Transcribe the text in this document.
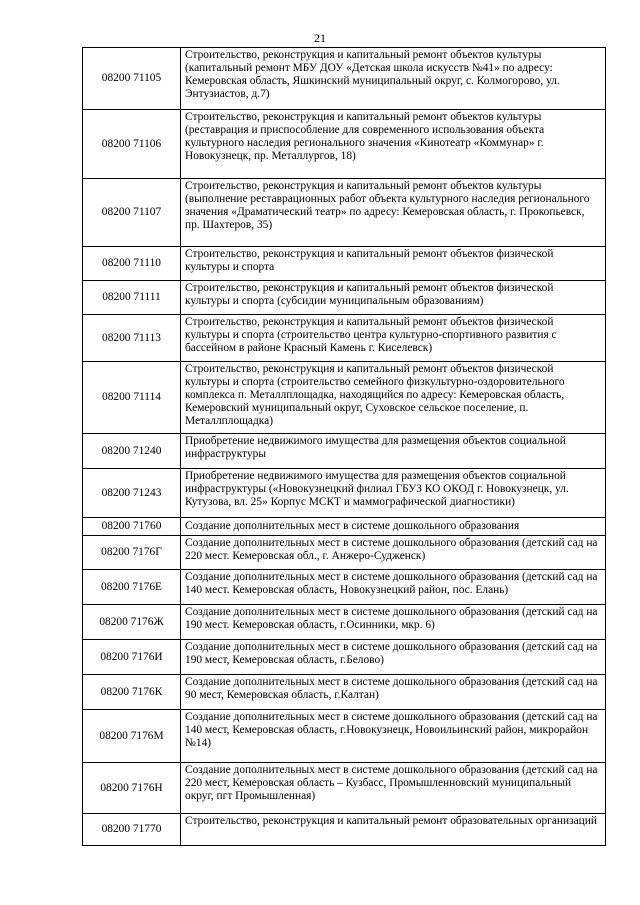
21
08200 71105	Строительство, реконструкция и капитальный ремонт объектов культуры (капитальный ремонт МБУ ДОУ «Детская школа искусств №41» по адресу: Кемеровская область, Яшкинский муниципальный округ, с. Колмогорово, ул. Энтузиастов, д.7)
08200 71106	Строительство, реконструкция и капитальный ремонт объектов культуры (реставрация и приспособление для современного использования объекта культурного наследия регионального значения «Кинотеатр «Коммунар» г. Новокузнецк, пр. Металлургов, 18)
08200 71107	Строительство, реконструкция и капитальный ремонт объектов культуры (выполнение реставрационных работ объекта культурного наследия регионального значения «Драматический театр» по адресу: Кемеровская область, г. Прокопьевск, пр. Шахтеров, 35)
08200 71110	Строительство, реконструкция и капитальный ремонт объектов физической культуры и спорта
08200 71111	Строительство, реконструкция и капитальный ремонт объектов физической культуры и спорта (субсидии муниципальным образованиям)
08200 71113	Строительство, реконструкция и капитальный ремонт объектов физической культуры и спорта (строительство центра культурно-спортивного развития с бассейном в районе Красный Камень г. Киселевск)
08200 71114	Строительство, реконструкция и капитальный ремонт объектов физической культуры и спорта (строительство семейного физкультурно-оздоровительного комплекса п. Металлплощадка, находящийся по адресу: Кемеровская область, Кемеровский муниципальный округ, Суховское сельское поселение, п. Металлплощадка)
08200 71240	Приобретение недвижимого имущества для размещения объектов социальной инфраструктуры
08200 71243	Приобретение недвижимого имущества для размещения объектов социальной инфраструктуры («Новокузнецкий филиал ГБУЗ КО ОКОД г. Новокузнецк, ул. Кутузова, вл. 25» Корпус МСКТ и маммографической диагностики)
08200 71760	Создание дополнительных мест в системе дошкольного образования
08200 7176Г	Создание дополнительных мест в системе дошкольного образования (детский сад на 220 мест. Кемеровская обл., г. Анжеро-Судженск)
08200 7176Е	Создание дополнительных мест в системе дошкольного образования (детский сад на 140 мест. Кемеровская область, Новокузнецкий район, пос. Елань)
08200 7176Ж	Создание дополнительных мест в системе дошкольного образования (детский сад на 190 мест. Кемеровская область, г.Осинники, мкр. 6)
08200 7176И	Создание дополнительных мест в системе дошкольного образования (детский сад на 190 мест, Кемеровская область, г.Белово)
08200 7176К	Создание дополнительных мест в системе дошкольного образования (детский сад на 90 мест, Кемеровская область, г.Калтан)
08200 7176М	Создание дополнительных мест в системе дошкольного образования (детский сад на 140 мест, Кемеровская область, г.Новокузнецк, Новоильинский район, микрорайон №14)
08200 7176Н	Создание дополнительных мест в системе дошкольного образования (детский сад на 220 мест, Кемеровская область – Кузбасс, Промышленновский муниципальный округ, пгт Промышленная)
08200 71770	Строительство, реконструкция и капитальный ремонт образовательных организаций
